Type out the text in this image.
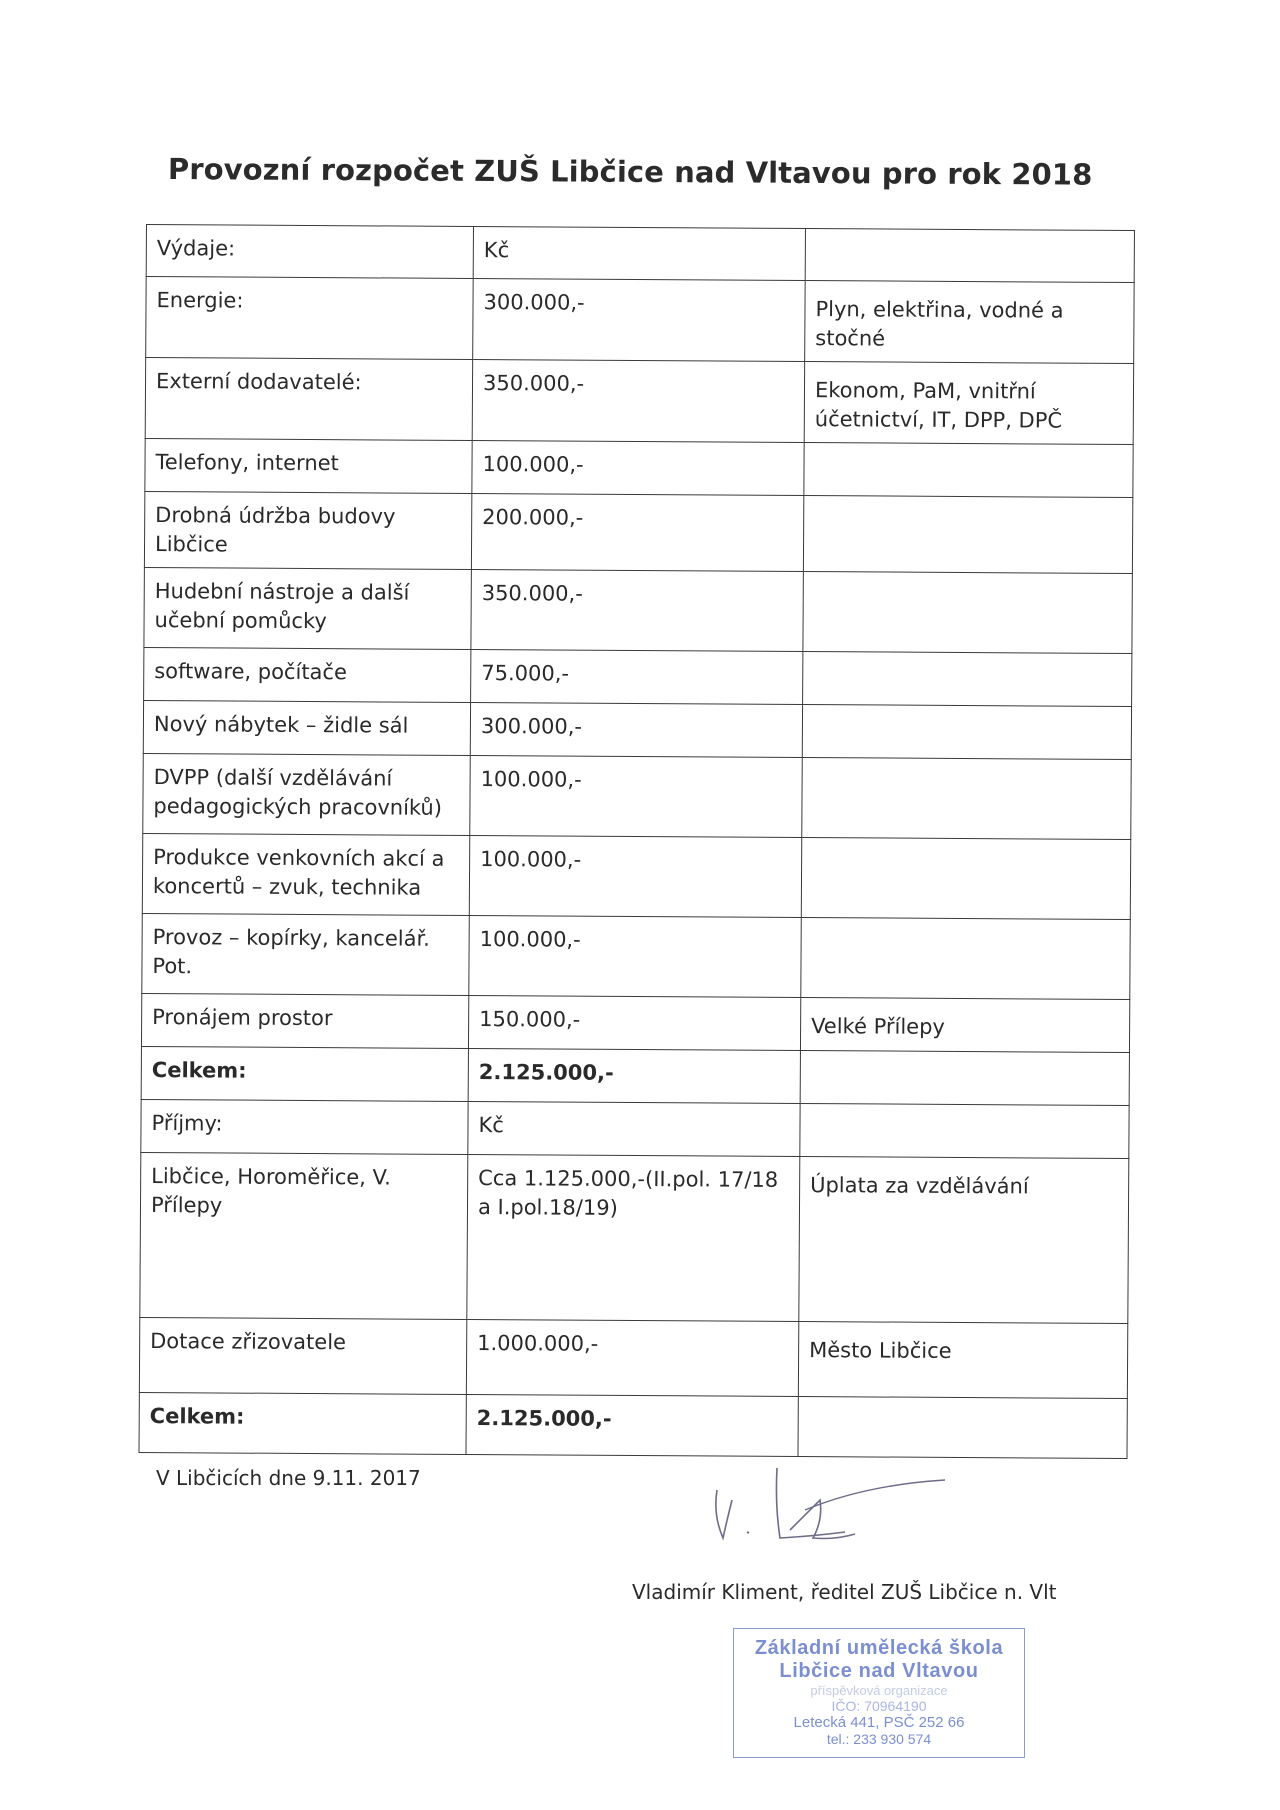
Provozní rozpočet ZUŠ Libčice nad Vltavou pro rok 2018
Výdaje:	Kč	
Energie:	300.000,-	Plyn, elektřina, vodné a stočné
Externí dodavatelé:	350.000,-	Ekonom, PaM, vnitřní účetnictví, IT, DPP, DPČ
Telefony, internet	100.000,-	
Drobná údržba budovy Libčice	200.000,-	
Hudební nástroje a další učební pomůcky	350.000,-	
software, počítače	75.000,-	
Nový nábytek – židle sál	300.000,-	
DVPP (další vzdělávání pedagogických pracovníků)	100.000,-	
Produkce venkovních akcí a koncertů – zvuk, technika	100.000,-	
Provoz – kopírky, kancelář. Pot.	100.000,-	
Pronájem prostor	150.000,-	Velké Přílepy
Celkem:	2.125.000,-	
Příjmy:	Kč	
Libčice, Horoměřice, V. Přílepy	Cca 1.125.000,-(II.pol. 17/18 a I.pol.18/19)	Úplata za vzdělávání
Dotace zřizovatele	1.000.000,-	Město Libčice
Celkem:	2.125.000,-	
V Libčicích dne 9.11. 2017
Vladimír Kliment, ředitel ZUŠ Libčice n. Vlt
Základní umělecká škola
Libčice nad Vltavou
příspěvková organizace
IČO: 70964190
Letecká 441, PSČ 252 66
tel.: 233 930 574
